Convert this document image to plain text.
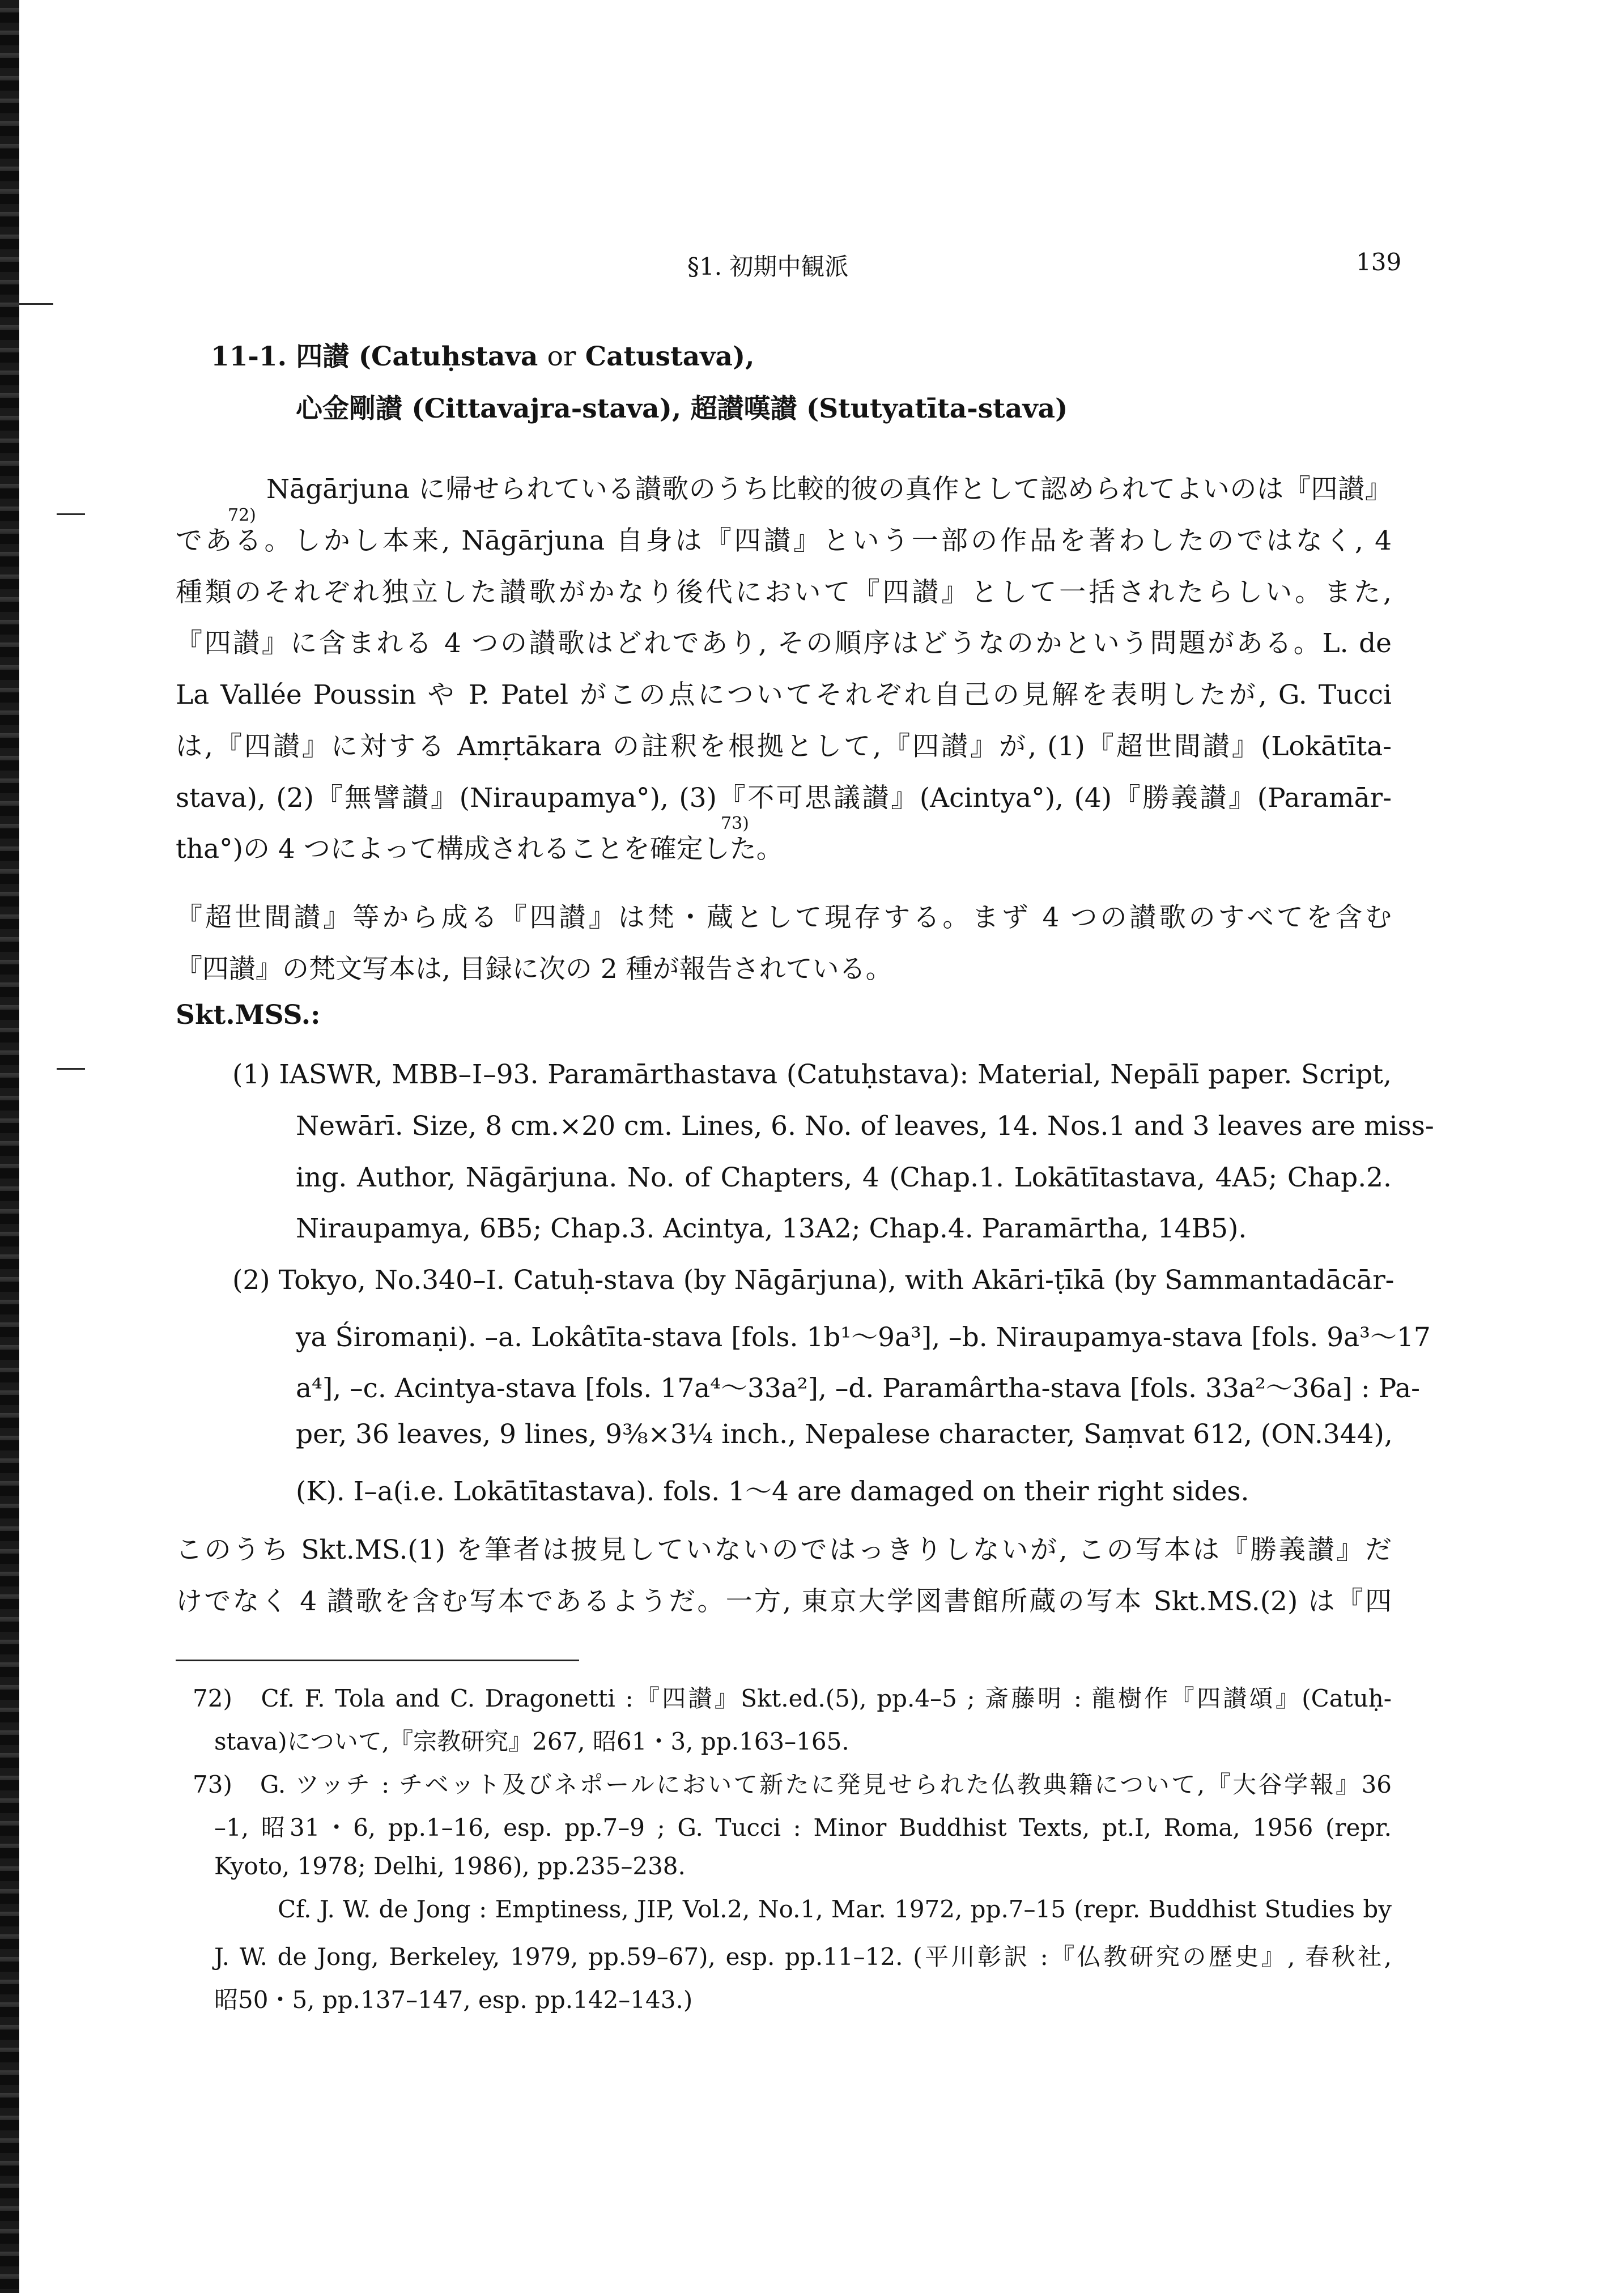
§1. 初期中観派	139
11-1. 四讃 (Catuḥstava or Catustava),
心金剛讃 (Cittavajra-stava), 超讃嘆讃 (Stutyatīta-stava)
Nāgārjuna に帰せられている讃歌のうち比較的彼の真作として認められてよいのは『四讃』
72)
である。しかし本来, Nāgārjuna 自身は『四讃』という一部の作品を著わしたのではなく, 4
種類のそれぞれ独立した讃歌がかなり後代において『四讃』として一括されたらしい。また,
『四讃』に含まれる 4 つの讃歌はどれであり, その順序はどうなのかという問題がある。L. de
La Vallée Poussin や P. Patel がこの点についてそれぞれ自己の見解を表明したが, G. Tucci
は,『四讃』に対する Amṛtākara の註釈を根拠として,『四讃』が, (1)『超世間讃』(Lokātīta-
stava), (2)『無譬讃』(Niraupamya°), (3)『不可思議讃』(Acintya°), (4)『勝義讃』(Paramār-
73)
tha°)の 4 つによって構成されることを確定した。
『超世間讃』等から成る『四讃』は梵・蔵として現存する。まず 4 つの讃歌のすべてを含む
『四讃』の梵文写本は, 目録に次の 2 種が報告されている。
Skt.MSS.:
(1) IASWR, MBB–Ⅰ–93. Paramārthastava (Catuḥstava): Material, Nepālī paper. Script,
Newārī. Size, 8 cm.×20 cm. Lines, 6. No. of leaves, 14. Nos.1 and 3 leaves are miss-
ing. Author, Nāgārjuna. No. of Chapters, 4 (Chap.1. Lokātītastava, 4A5; Chap.2.
Niraupamya, 6B5; Chap.3. Acintya, 13A2; Chap.4. Paramārtha, 14B5).
(2) Tokyo, No.340–I. Catuḥ-stava (by Nāgārjuna), with Akāri-ṭīkā (by Sammantadācār-
ya Śiromaṇi). –a. Lokâtīta-stava [fols. 1b¹〜9a³], –b. Niraupamya-stava [fols. 9a³〜17
a⁴], –c. Acintya-stava [fols. 17a⁴〜33a²], –d. Paramârtha-stava [fols. 33a²〜36a] : Pa-
per, 36 leaves, 9 lines, 9⅜×3¼ inch., Nepalese character, Saṃvat 612, (ON.344),
(K). Ⅰ–a(i.e. Lokātītastava). fols. 1〜4 are damaged on their right sides.
このうち Skt.MS.(1) を筆者は披見していないのではっきりしないが, この写本は『勝義讃』だ
けでなく 4 讃歌を含む写本であるようだ。一方, 東京大学図書館所蔵の写本 Skt.MS.(2) は『四
72)　Cf. F. Tola and C. Dragonetti :『四讃』Skt.ed.(5), pp.4–5 ; 斎藤明 : 龍樹作『四讃頌』(Catuḥ-
stava)について,『宗教研究』267, 昭61・3, pp.163–165.
73)　G. ツッチ : チベット及びネポールにおいて新たに発見せられた仏教典籍について,『大谷学報』36
–1, 昭31・6, pp.1–16, esp. pp.7–9 ; G. Tucci : Minor Buddhist Texts, pt.I, Roma, 1956 (repr.
Kyoto, 1978; Delhi, 1986), pp.235–238.
Cf. J. W. de Jong : Emptiness, JIP, Vol.2, No.1, Mar. 1972, pp.7–15 (repr. Buddhist Studies by
J. W. de Jong, Berkeley, 1979, pp.59–67), esp. pp.11–12. (平川彰訳 :『仏教研究の歴史』, 春秋社,
昭50・5, pp.137–147, esp. pp.142–143.)
